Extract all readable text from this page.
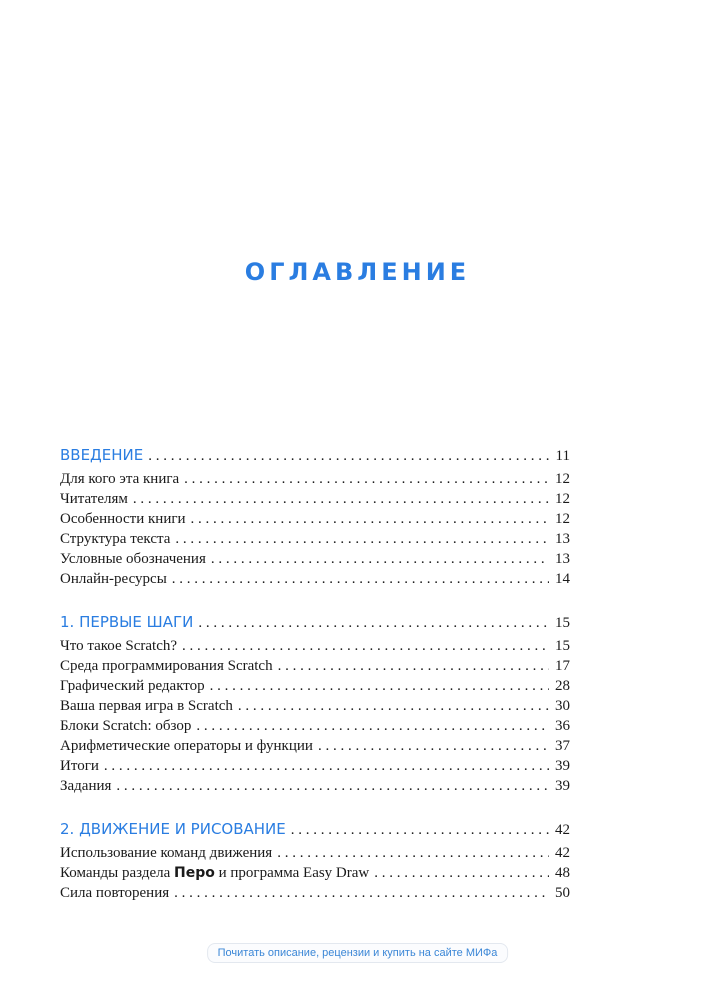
ОГЛАВЛЕНИЕ
ВВЕДЕНИЕ . . .	11
Для кого эта книга . . .	12
Читателям . . .	12
Особенности книги . . .	12
Структура текста . . .	13
Условные обозначения . . .	13
Онлайн-ресурсы . . .	14
1. ПЕРВЫЕ ШАГИ . . .	15
Что такое Scratch? . . .	15
Среда программирования Scratch . . .	17
Графический редактор . . .	28
Ваша первая игра в Scratch . . .	30
Блоки Scratch: обзор . . .	36
Арифметические операторы и функции . . .	37
Итоги . . .	39
Задания . . .	39
2. ДВИЖЕНИЕ И РИСОВАНИЕ . . .	42
Использование команд движения . . .	42
Команды раздела Перо и программа Easy Draw . . .	48
Сила повторения . . .	50
Почитать описание, рецензии и купить на сайте МИФа
